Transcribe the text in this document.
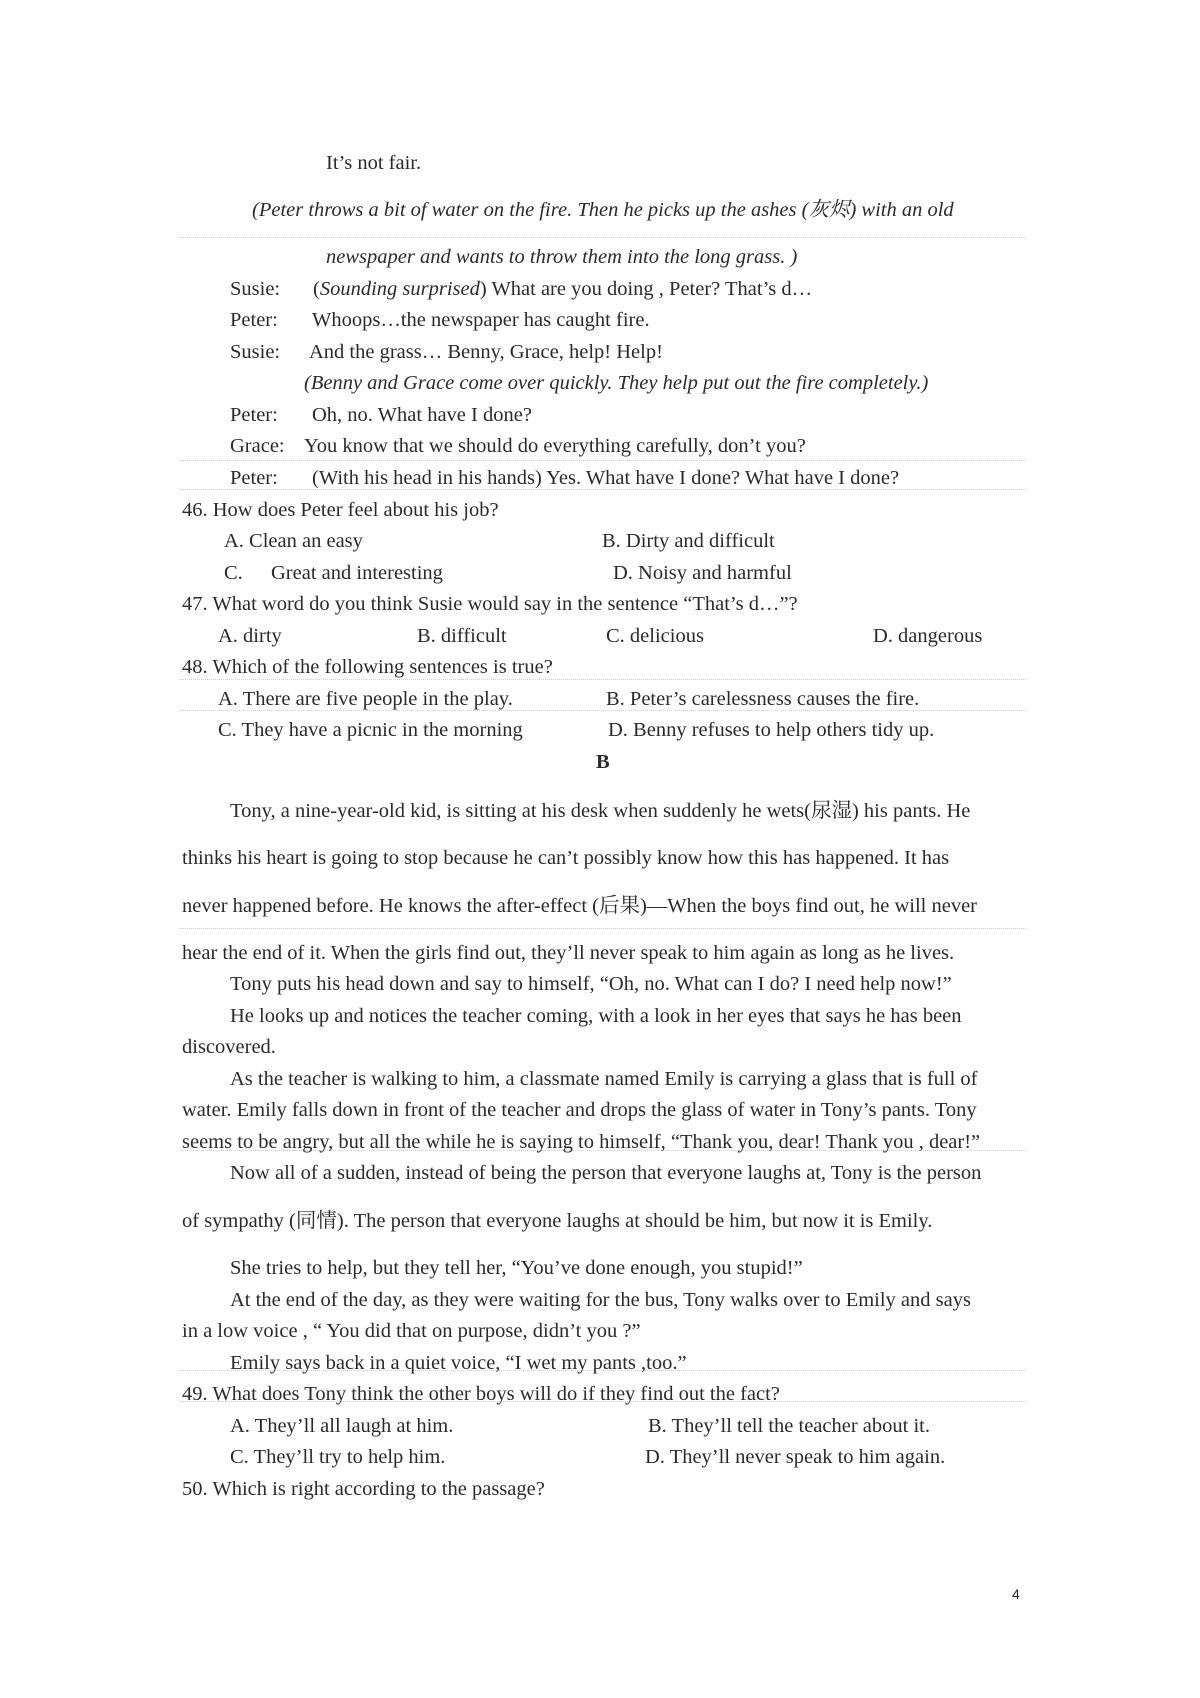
It’s not fair.
(Peter throws a bit of water on the fire. Then he picks up the ashes (灰烬) with an old
newspaper and wants to throw them into the long grass. )
Susie: (Sounding surprised) What are you doing , Peter? That’s d…
Peter: Whoops…the newspaper has caught fire.
Susie: And the grass… Benny, Grace, help! Help!
(Benny and Grace come over quickly. They help put out the fire completely.)
Peter: Oh, no. What have I done?
Grace: You know that we should do everything carefully, don’t you?
Peter: (With his head in his hands) Yes. What have I done? What have I done?
46. How does Peter feel about his job?
A. Clean an easy	B. Dirty and difficult
C. Great and interesting	D. Noisy and harmful
47. What word do you think Susie would say in the sentence “That’s d…”?
A. dirty	B. difficult	C. delicious	D. dangerous
48. Which of the following sentences is true?
A. There are five people in the play.	B. Peter’s carelessness causes the fire.
C. They have a picnic in the morning	D. Benny refuses to help others tidy up.
B
Tony, a nine-year-old kid, is sitting at his desk when suddenly he wets(尿湿) his pants. He
thinks his heart is going to stop because he can’t possibly know how this has happened. It has
never happened before. He knows the after-effect (后果)—When the boys find out, he will never
hear the end of it. When the girls find out, they’ll never speak to him again as long as he lives.
Tony puts his head down and say to himself, “Oh, no. What can I do? I need help now!”
He looks up and notices the teacher coming, with a look in her eyes that says he has been
discovered.
As the teacher is walking to him, a classmate named Emily is carrying a glass that is full of
water. Emily falls down in front of the teacher and drops the glass of water in Tony’s pants. Tony
seems to be angry, but all the while he is saying to himself, “Thank you, dear! Thank you , dear!”
Now all of a sudden, instead of being the person that everyone laughs at, Tony is the person
of sympathy (同情). The person that everyone laughs at should be him, but now it is Emily.
She tries to help, but they tell her, “You’ve done enough, you stupid!”
At the end of the day, as they were waiting for the bus, Tony walks over to Emily and says
in a low voice , “ You did that on purpose, didn’t you ?”
Emily says back in a quiet voice, “I wet my pants ,too.”
49. What does Tony think the other boys will do if they find out the fact?
A. They’ll all laugh at him.	B. They’ll tell the teacher about it.
C. They’ll try to help him.	D. They’ll never speak to him again.
50. Which is right according to the passage?
4
